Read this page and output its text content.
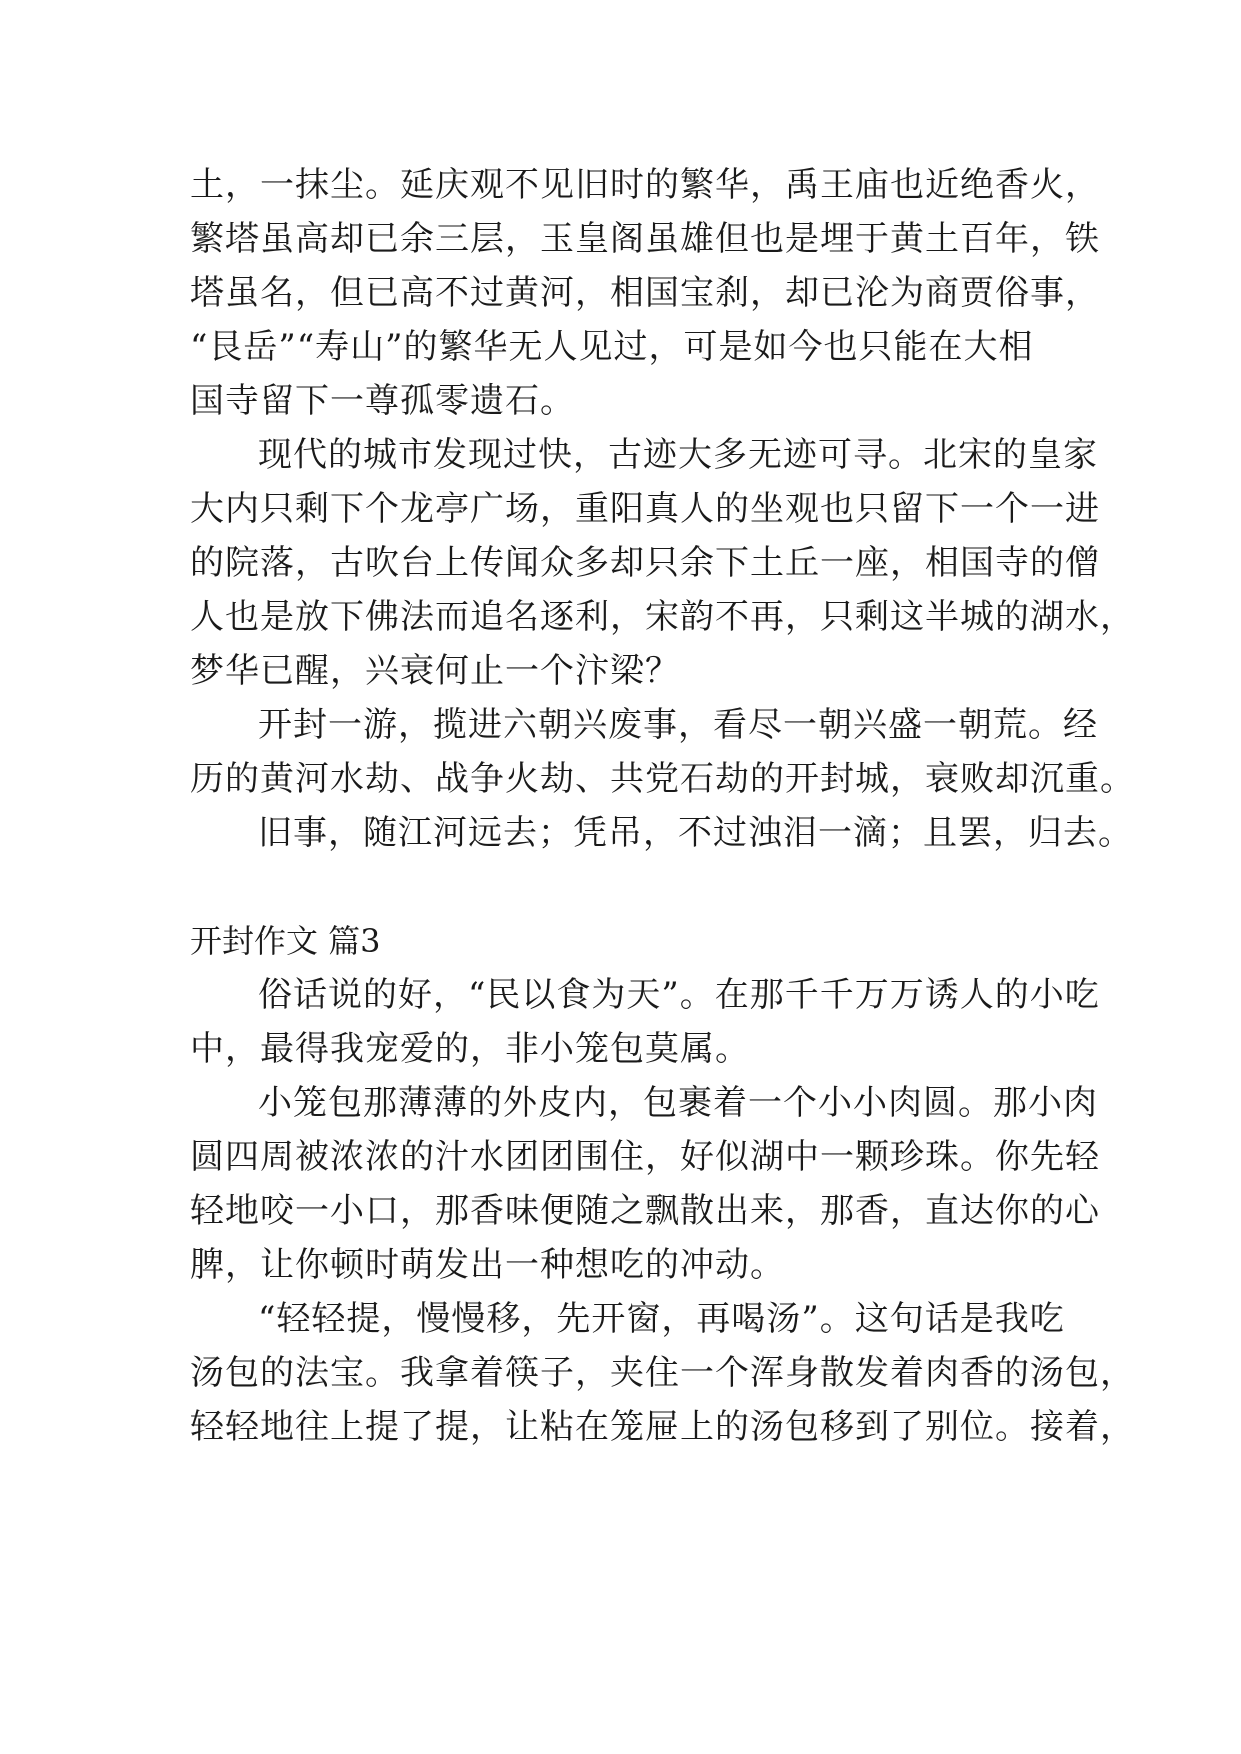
土，一抹尘。延庆观不见旧时的繁华，禹王庙也近绝香火，
繁塔虽高却已余三层，玉皇阁虽雄但也是埋于黄土百年，铁
塔虽名，但已高不过黄河，相国宝刹，却已沦为商贾俗事，
“艮岳”“寿山”的繁华无人见过，可是如今也只能在大相
国寺留下一尊孤零遗石。
现代的城市发现过快，古迹大多无迹可寻。北宋的皇家
大内只剩下个龙亭广场，重阳真人的坐观也只留下一个一进
的院落，古吹台上传闻众多却只余下土丘一座，相国寺的僧
人也是放下佛法而追名逐利，宋韵不再，只剩这半城的湖水，
梦华已醒，兴衰何止一个汴梁？
开封一游，揽进六朝兴废事，看尽一朝兴盛一朝荒。经
历的黄河水劫、战争火劫、共党石劫的开封城，衰败却沉重。
旧事，随江河远去；凭吊，不过浊泪一滴；且罢，归去。
开封作文 篇3
俗话说的好，“民以食为天”。在那千千万万诱人的小吃
中，最得我宠爱的，非小笼包莫属。
小笼包那薄薄的外皮内，包裹着一个小小肉圆。那小肉
圆四周被浓浓的汁水团团围住，好似湖中一颗珍珠。你先轻
轻地咬一小口，那香味便随之飘散出来，那香，直达你的心
脾，让你顿时萌发出一种想吃的冲动。
“轻轻提，慢慢移，先开窗，再喝汤”。这句话是我吃
汤包的法宝。我拿着筷子，夹住一个浑身散发着肉香的汤包，
轻轻地往上提了提，让粘在笼屉上的汤包移到了别位。接着，
